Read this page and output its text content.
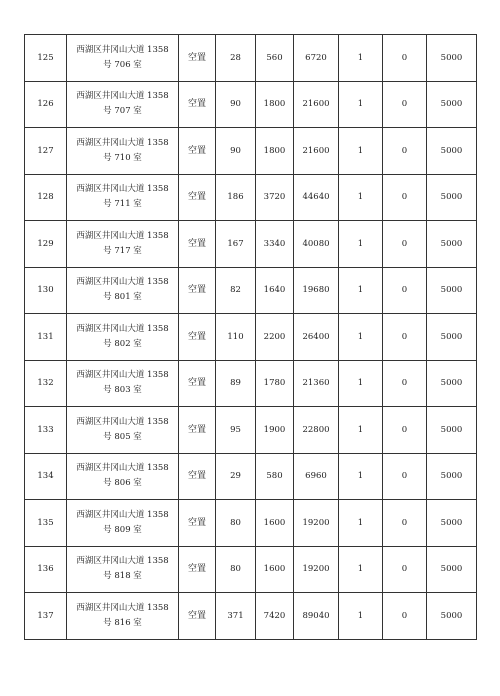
125	西湖区井冈山大道 1358
号 706 室	空置	28	560	6720	1	0	5000
126	西湖区井冈山大道 1358
号 707 室	空置	90	1800	21600	1	0	5000
127	西湖区井冈山大道 1358
号 710 室	空置	90	1800	21600	1	0	5000
128	西湖区井冈山大道 1358
号 711 室	空置	186	3720	44640	1	0	5000
129	西湖区井冈山大道 1358
号 717 室	空置	167	3340	40080	1	0	5000
130	西湖区井冈山大道 1358
号 801 室	空置	82	1640	19680	1	0	5000
131	西湖区井冈山大道 1358
号 802 室	空置	110	2200	26400	1	0	5000
132	西湖区井冈山大道 1358
号 803 室	空置	89	1780	21360	1	0	5000
133	西湖区井冈山大道 1358
号 805 室	空置	95	1900	22800	1	0	5000
134	西湖区井冈山大道 1358
号 806 室	空置	29	580	6960	1	0	5000
135	西湖区井冈山大道 1358
号 809 室	空置	80	1600	19200	1	0	5000
136	西湖区井冈山大道 1358
号 818 室	空置	80	1600	19200	1	0	5000
137	西湖区井冈山大道 1358
号 816 室	空置	371	7420	89040	1	0	5000
